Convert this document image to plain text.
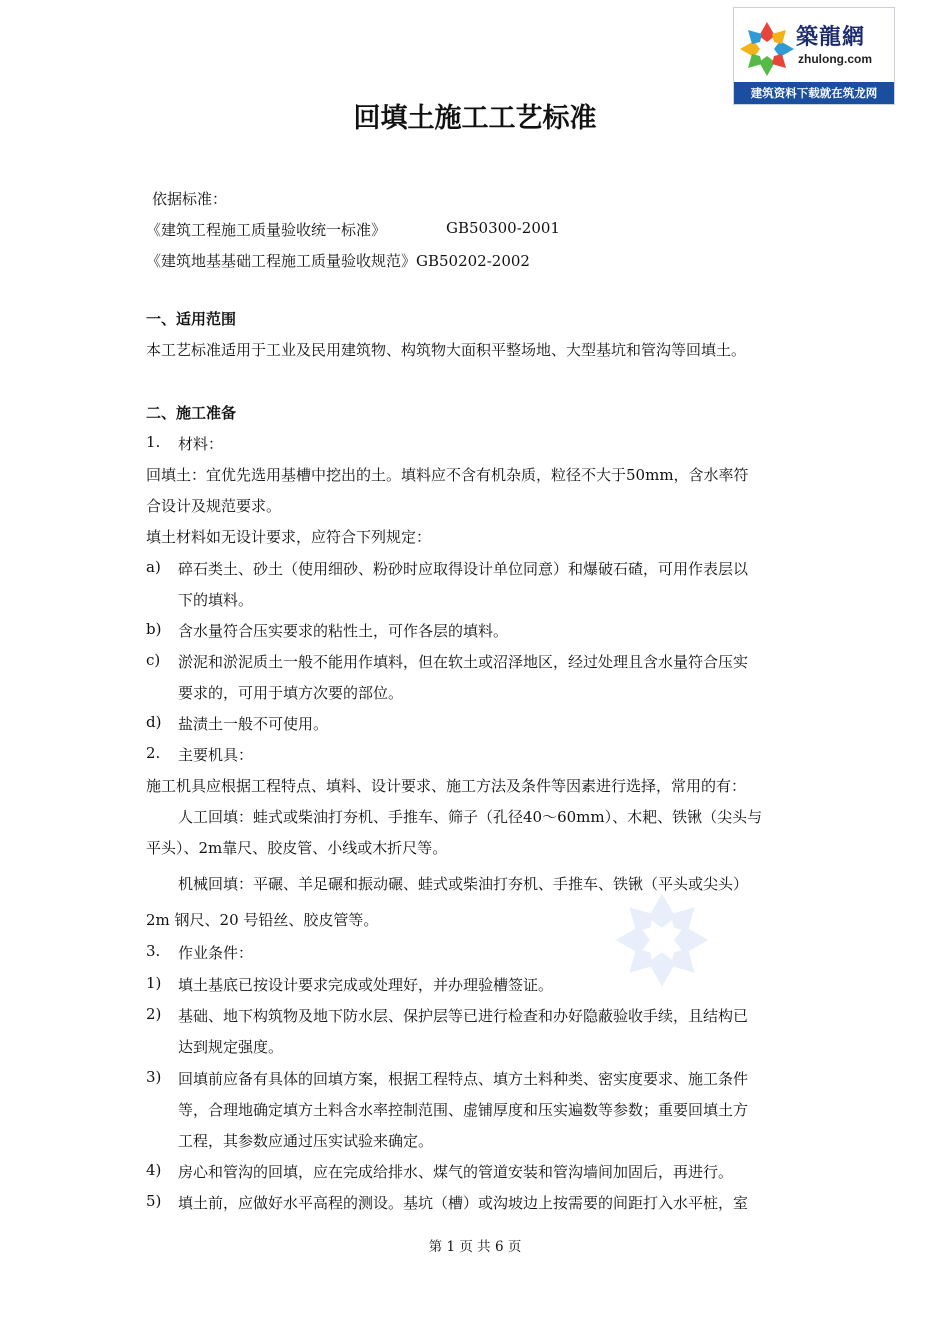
築龍網
zhulong.com
建筑资料下载就在筑龙网
回填土施工工艺标准
依据标准：
《建筑工程施工质量验收统一标准》	GB50300-2001
《建筑地基基础工程施工质量验收规范》GB50202-2002
一、适用范围
本工艺标准适用于工业及民用建筑物、构筑物大面积平整场地、大型基坑和管沟等回填土。
二、施工准备
1. 材料：
回填土：宜优先选用基槽中挖出的土。填料应不含有机杂质，粒径不大于50mm，含水率符
合设计及规范要求。
填土材料如无设计要求，应符合下列规定：
a) 碎石类土、砂土（使用细砂、粉砂时应取得设计单位同意）和爆破石碴，可用作表层以
下的填料。
b) 含水量符合压实要求的粘性土，可作各层的填料。
c) 淤泥和淤泥质土一般不能用作填料，但在软土或沼泽地区，经过处理且含水量符合压实
要求的，可用于填方次要的部位。
d) 盐渍土一般不可使用。
2. 主要机具：
施工机具应根据工程特点、填料、设计要求、施工方法及条件等因素进行选择，常用的有：
人工回填：蛙式或柴油打夯机、手推车、筛子（孔径40～60mm）、木耙、铁锹（尖头与
平头）、2m靠尺、胶皮管、小线或木折尺等。
机械回填：平碾、羊足碾和振动碾、蛙式或柴油打夯机、手推车、铁锹（平头或尖头）
2m 钢尺、20 号铅丝、胶皮管等。
3. 作业条件：
1) 填土基底已按设计要求完成或处理好，并办理验槽签证。
2) 基础、地下构筑物及地下防水层、保护层等已进行检查和办好隐蔽验收手续，且结构已
达到规定强度。
3) 回填前应备有具体的回填方案，根据工程特点、填方土料种类、密实度要求、施工条件
等，合理地确定填方土料含水率控制范围、虚铺厚度和压实遍数等参数；重要回填土方
工程，其参数应通过压实试验来确定。
4) 房心和管沟的回填，应在完成给排水、煤气的管道安装和管沟墙间加固后，再进行。
5) 填土前，应做好水平高程的测设。基坑（槽）或沟坡边上按需要的间距打入水平桩，室
第 1 页 共 6 页
